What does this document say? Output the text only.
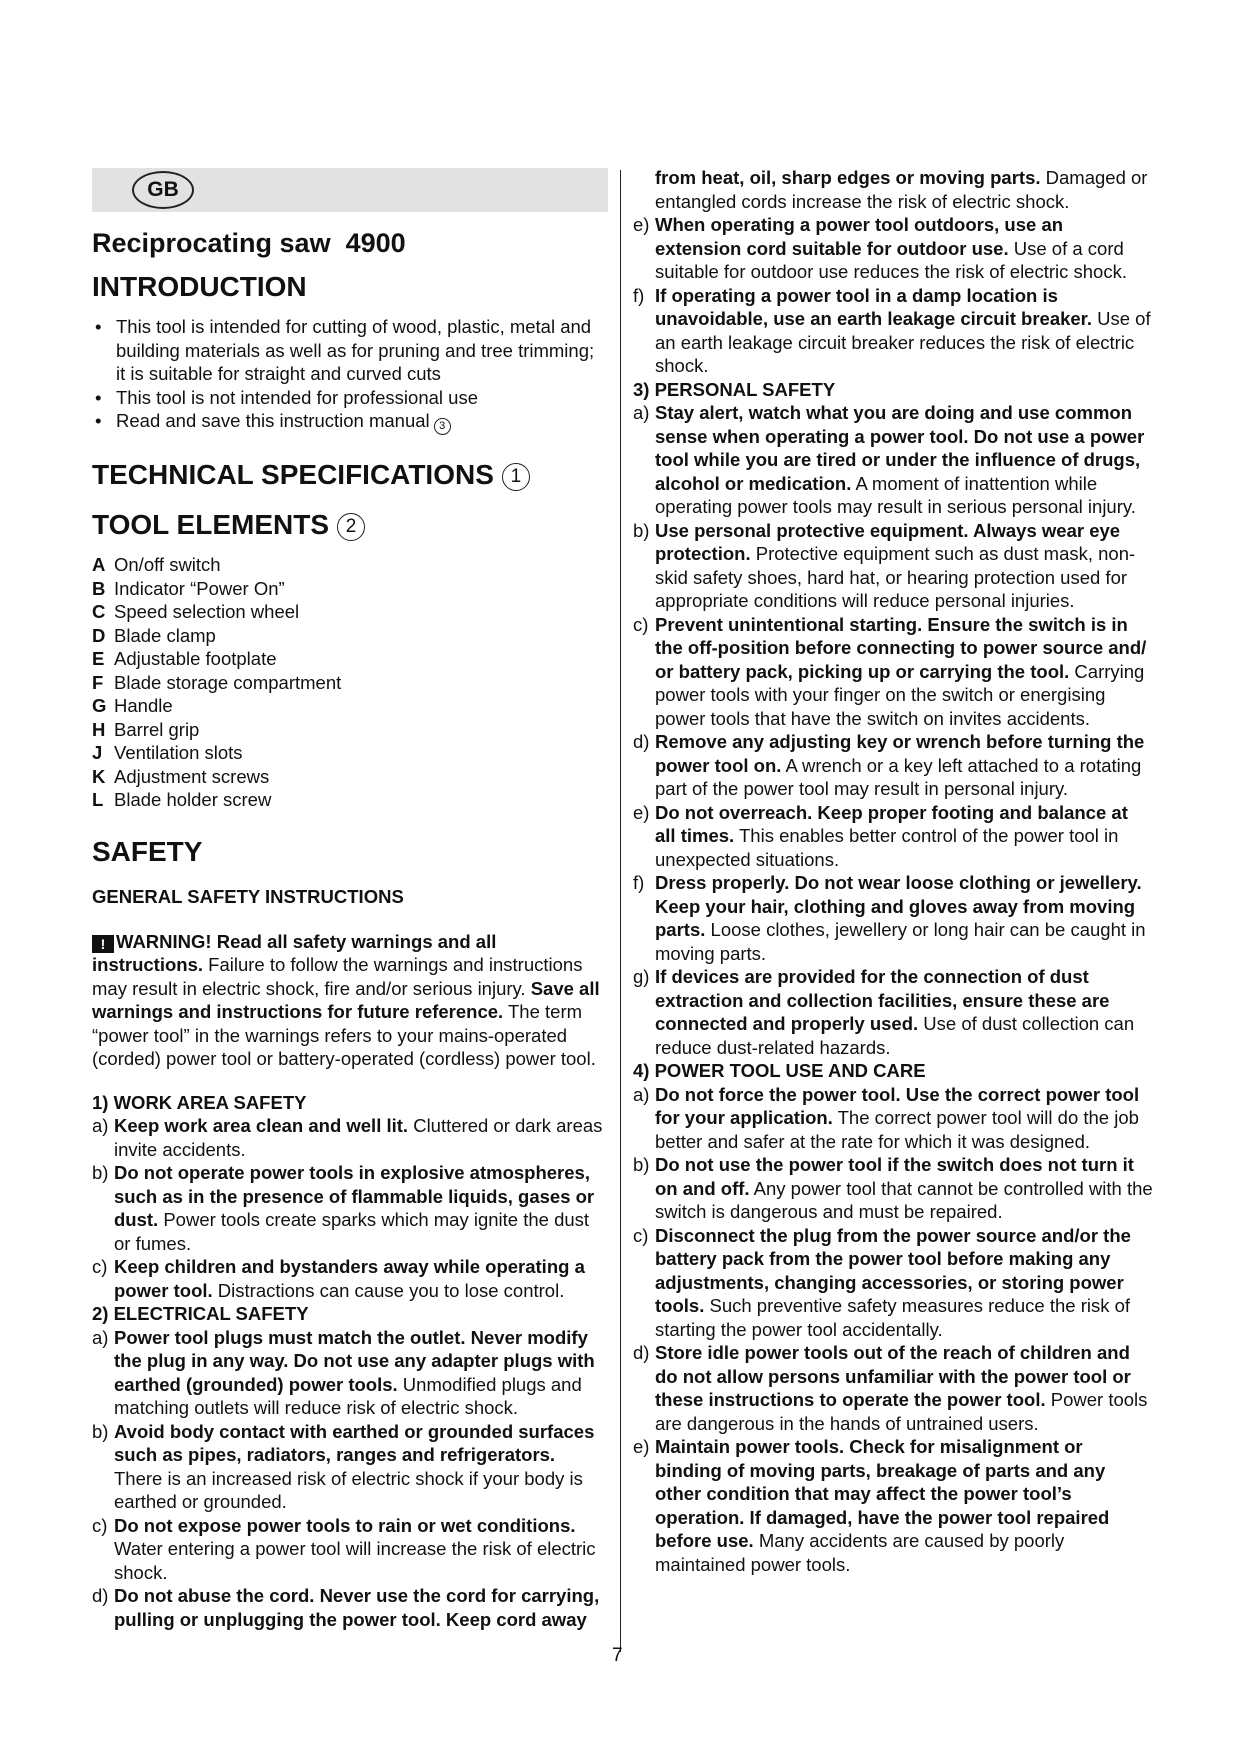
GB
Reciprocating saw  4900
INTRODUCTION
• This tool is intended for cutting of wood, plastic, metal and building materials as well as for pruning and tree trimming; it is suitable for straight and curved cuts
• This tool is not intended for professional use
• Read and save this instruction manual 3
TECHNICAL SPECIFICATIONS 1
TOOL ELEMENTS 2
A On/off switch
B Indicator “Power On”
C Speed selection wheel
D Blade clamp
E Adjustable footplate
F Blade storage compartment
G Handle
H Barrel grip
J Ventilation slots
K Adjustment screws
L Blade holder screw
SAFETY
GENERAL SAFETY INSTRUCTIONS
! WARNING! Read all safety warnings and all instructions. Failure to follow the warnings and instructions may result in electric shock, fire and/or serious injury. Save all warnings and instructions for future reference. The term “power tool” in the warnings refers to your mains-operated (corded) power tool or battery-operated (cordless) power tool.
1) WORK AREA SAFETY
a) Keep work area clean and well lit. Cluttered or dark areas invite accidents.
b) Do not operate power tools in explosive atmospheres, such as in the presence of flammable liquids, gases or dust. Power tools create sparks which may ignite the dust or fumes.
c) Keep children and bystanders away while operating a power tool. Distractions can cause you to lose control.
2) ELECTRICAL SAFETY
a) Power tool plugs must match the outlet. Never modify the plug in any way. Do not use any adapter plugs with earthed (grounded) power tools. Unmodified plugs and matching outlets will reduce risk of electric shock.
b) Avoid body contact with earthed or grounded surfaces such as pipes, radiators, ranges and refrigerators. There is an increased risk of electric shock if your body is earthed or grounded.
c) Do not expose power tools to rain or wet conditions. Water entering a power tool will increase the risk of electric shock.
d) Do not abuse the cord. Never use the cord for carrying, pulling or unplugging the power tool. Keep cord away
from heat, oil, sharp edges or moving parts. Damaged or entangled cords increase the risk of electric shock.
e) When operating a power tool outdoors, use an extension cord suitable for outdoor use. Use of a cord suitable for outdoor use reduces the risk of electric shock.
f) If operating a power tool in a damp location is unavoidable, use an earth leakage circuit breaker. Use of an earth leakage circuit breaker reduces the risk of electric shock.
3) PERSONAL SAFETY
a) Stay alert, watch what you are doing and use common sense when operating a power tool. Do not use a power tool while you are tired or under the influence of drugs, alcohol or medication. A moment of inattention while operating power tools may result in serious personal injury.
b) Use personal protective equipment. Always wear eye protection. Protective equipment such as dust mask, non-skid safety shoes, hard hat, or hearing protection used for appropriate conditions will reduce personal injuries.
c) Prevent unintentional starting. Ensure the switch is in the off-position before connecting to power source and/ or battery pack, picking up or carrying the tool. Carrying power tools with your finger on the switch or energising power tools that have the switch on invites accidents.
d) Remove any adjusting key or wrench before turning the power tool on. A wrench or a key left attached to a rotating part of the power tool may result in personal injury.
e) Do not overreach. Keep proper footing and balance at all times. This enables better control of the power tool in unexpected situations.
f) Dress properly. Do not wear loose clothing or jewellery. Keep your hair, clothing and gloves away from moving parts. Loose clothes, jewellery or long hair can be caught in moving parts.
g) If devices are provided for the connection of dust extraction and collection facilities, ensure these are connected and properly used. Use of dust collection can reduce dust-related hazards.
4) POWER TOOL USE AND CARE
a) Do not force the power tool. Use the correct power tool for your application. The correct power tool will do the job better and safer at the rate for which it was designed.
b) Do not use the power tool if the switch does not turn it on and off. Any power tool that cannot be controlled with the switch is dangerous and must be repaired.
c) Disconnect the plug from the power source and/or the battery pack from the power tool before making any adjustments, changing accessories, or storing power tools. Such preventive safety measures reduce the risk of starting the power tool accidentally.
d) Store idle power tools out of the reach of children and do not allow persons unfamiliar with the power tool or these instructions to operate the power tool. Power tools are dangerous in the hands of untrained users.
e) Maintain power tools. Check for misalignment or binding of moving parts, breakage of parts and any other condition that may affect the power tool’s operation. If damaged, have the power tool repaired before use. Many accidents are caused by poorly maintained power tools.
7
